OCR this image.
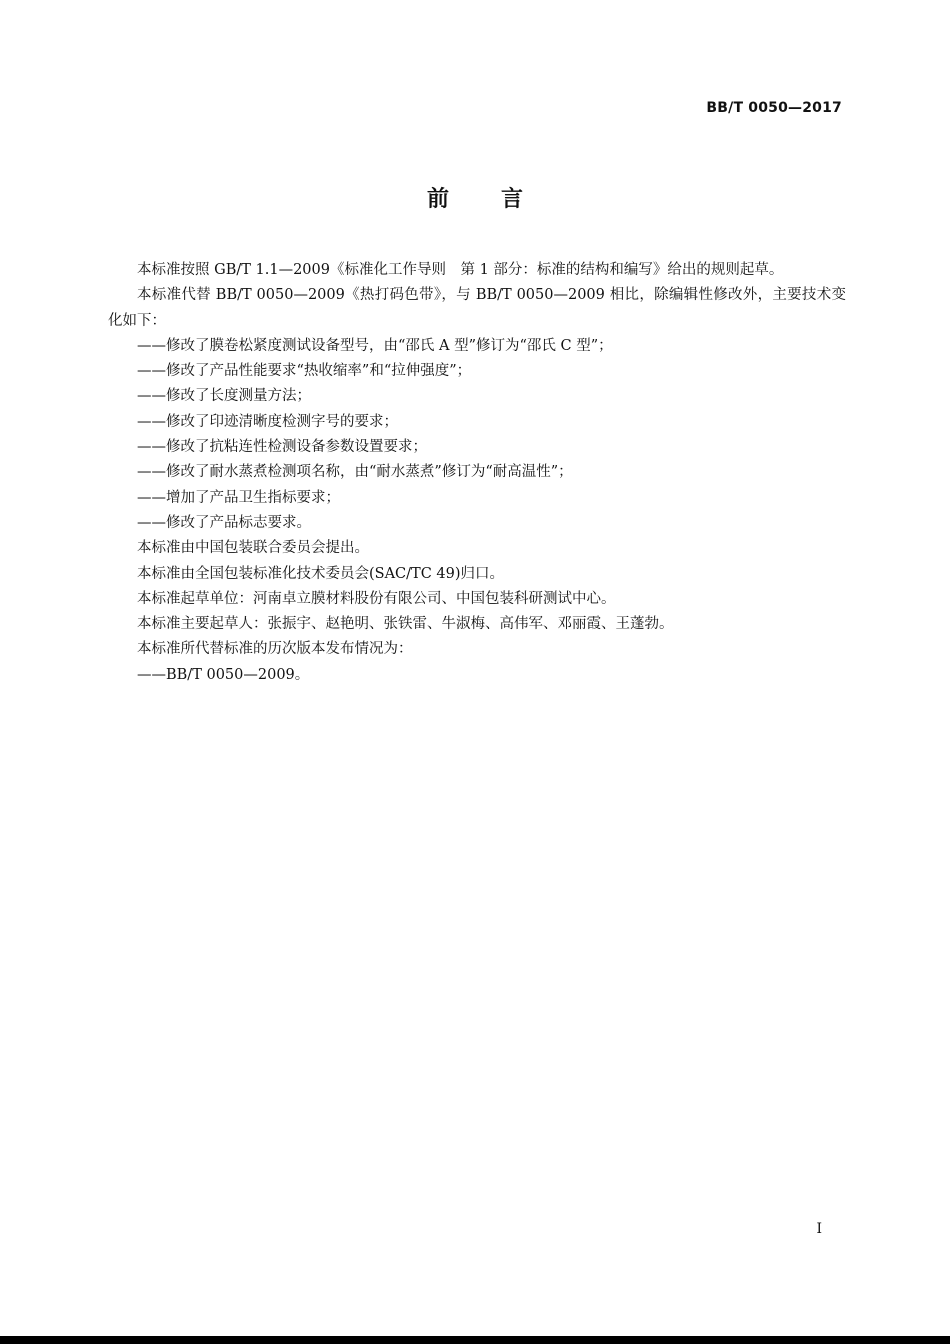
BB/T 0050—2017
前言

本标准按照 GB/T 1.1—2009《标准化工作导则　第 1 部分：标准的结构和编写》给出的规则起草。

本标准代替 BB/T 0050—2009《热打码色带》，与 BB/T 0050—2009 相比，除编辑性修改外，主要技术变化如下：

——修改了膜卷松紧度测试设备型号，由“邵氏 A 型”修订为“邵氏 C 型”；

——修改了产品性能要求“热收缩率”和“拉伸强度”；

——修改了长度测量方法；

——修改了印迹清晰度检测字号的要求；

——修改了抗粘连性检测设备参数设置要求；

——修改了耐水蒸煮检测项名称，由“耐水蒸煮”修订为“耐高温性”；

——增加了产品卫生指标要求；

——修改了产品标志要求。

本标准由中国包装联合委员会提出。

本标准由全国包装标准化技术委员会(SAC/TC 49)归口。

本标准起草单位：河南卓立膜材料股份有限公司、中国包装科研测试中心。

本标准主要起草人：张振宇、赵艳明、张铁雷、牛淑梅、高伟军、邓丽霞、王蓬勃。

本标准所代替标准的历次版本发布情况为：

——BB/T 0050—2009。

I
